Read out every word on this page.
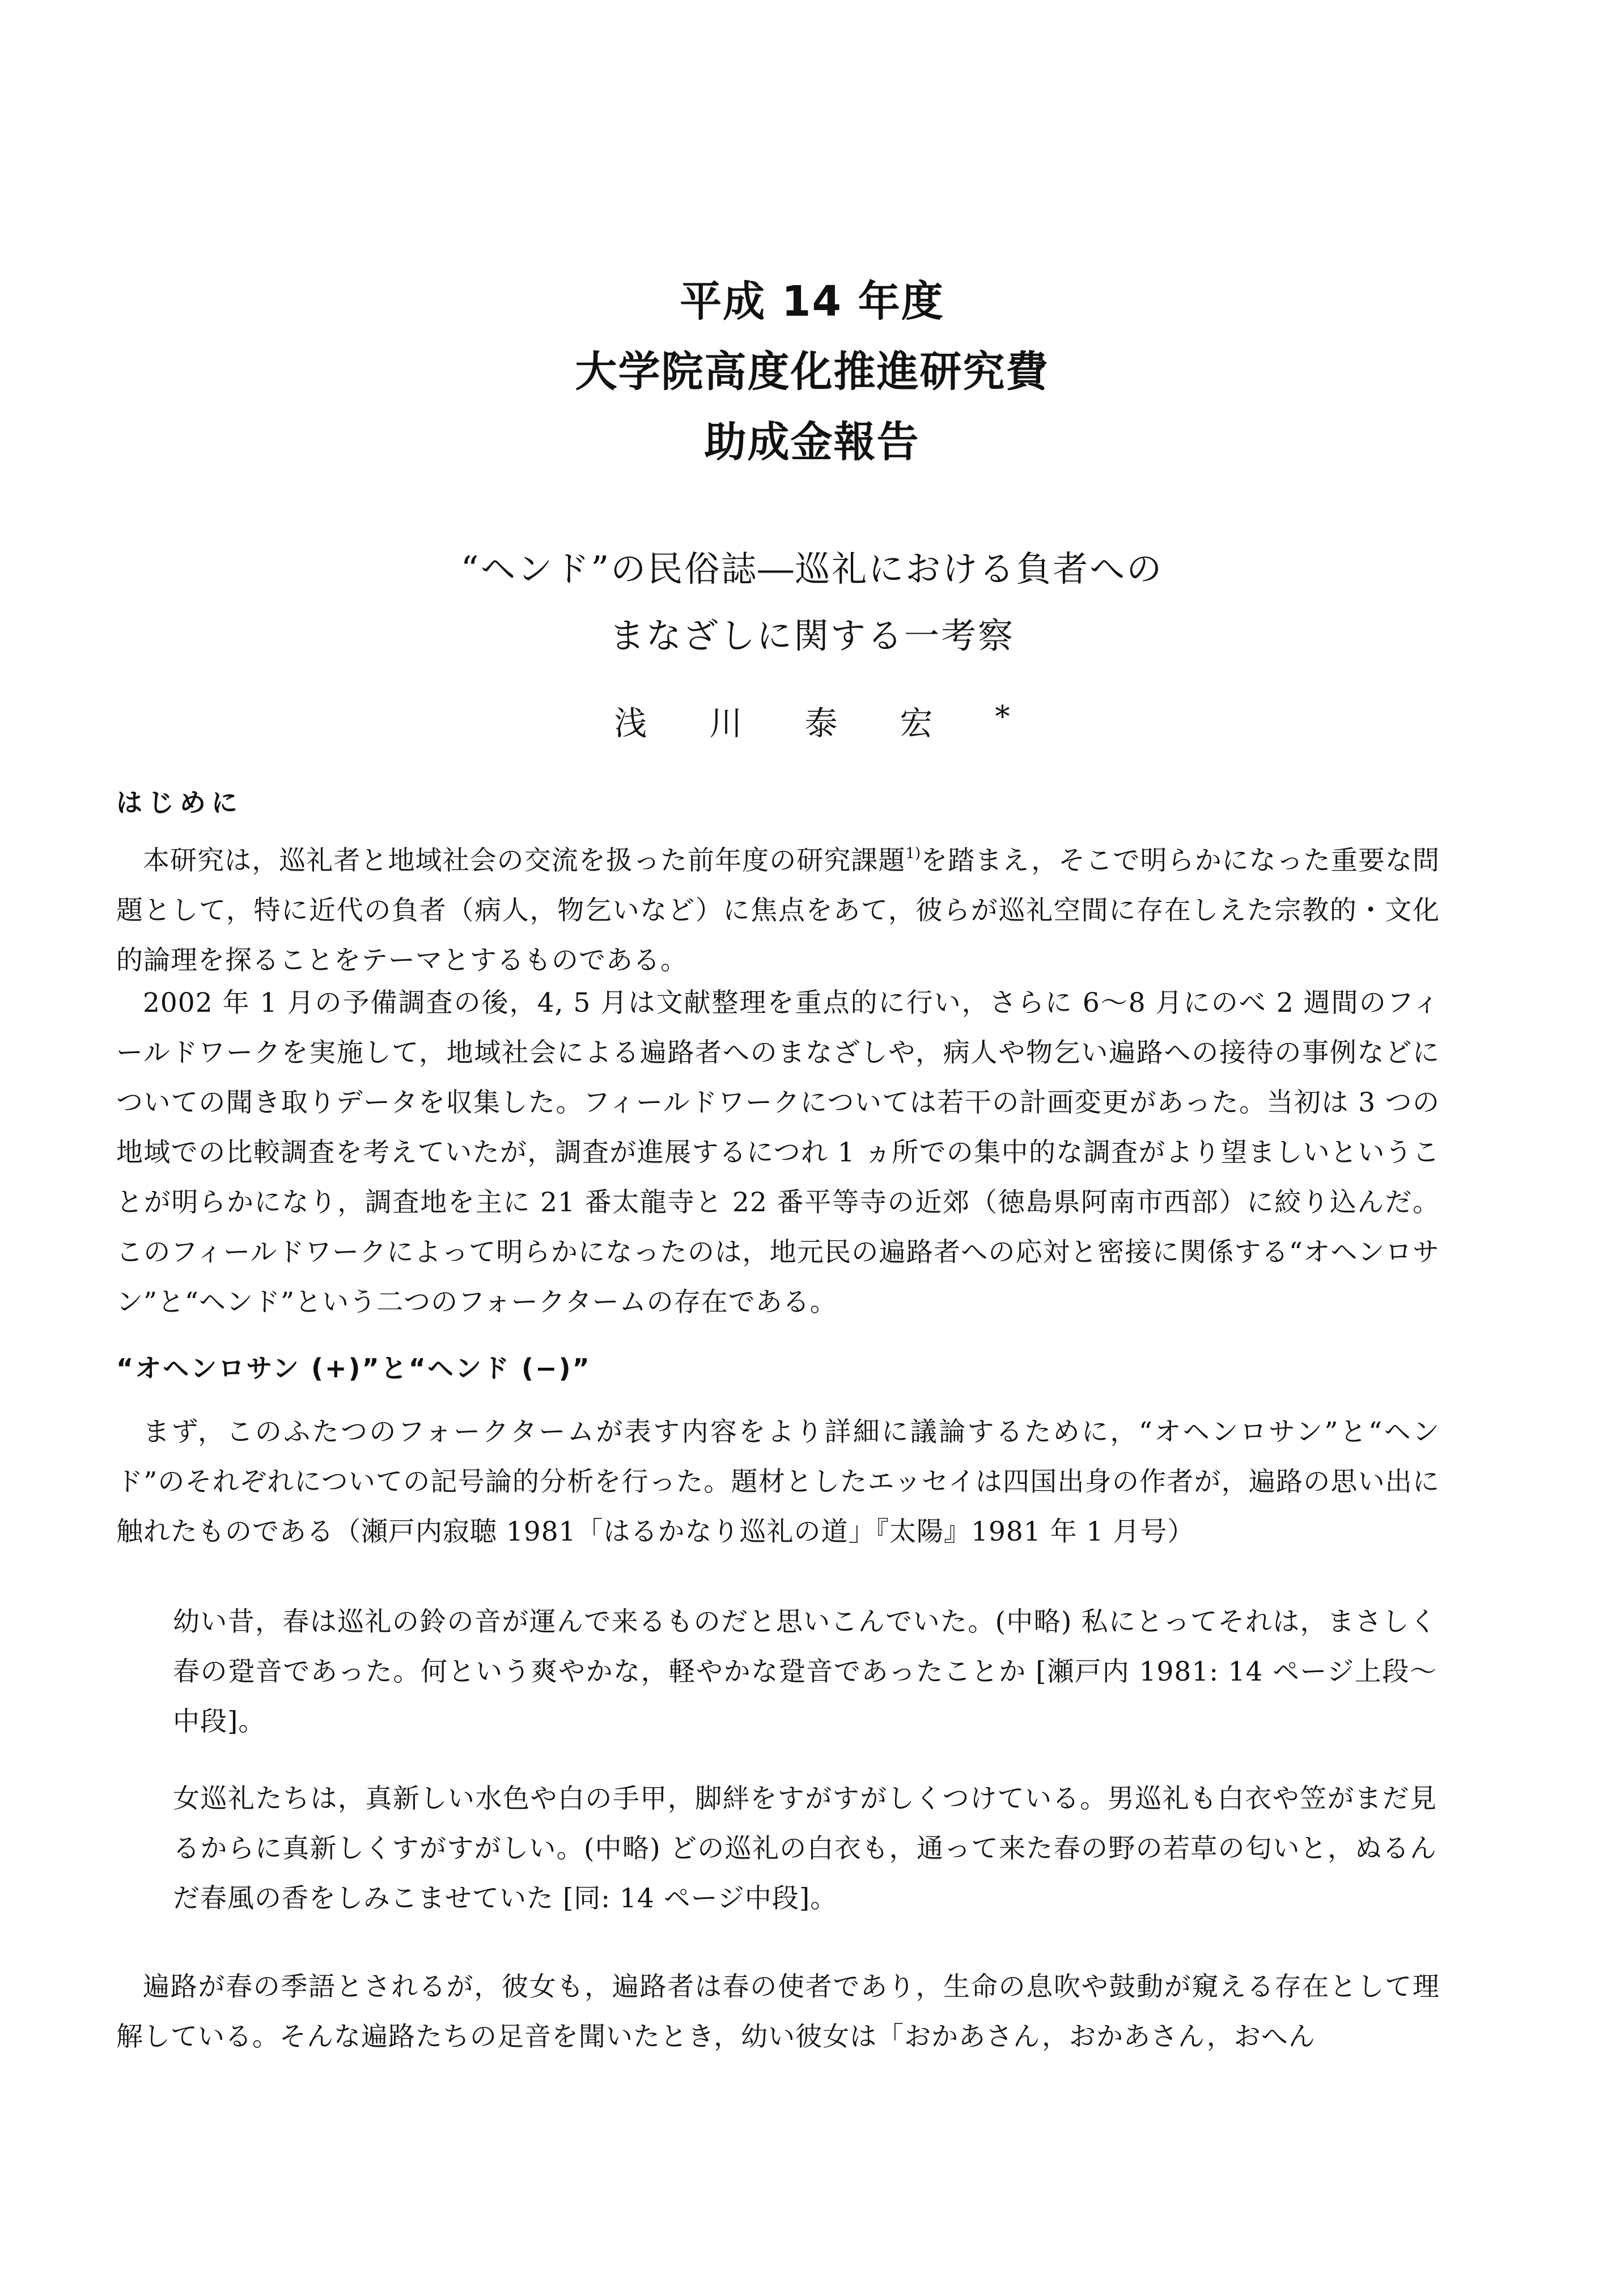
平成 14 年度
大学院高度化推進研究費
助成金報告
“ヘンド”の民俗誌―巡礼における負者への
まなざしに関する一考察
浅川泰宏*
はじめに
本研究は，巡礼者と地域社会の交流を扱った前年度の研究課題$^{1)}$を踏まえ，そこで明らかになった重要な問題として，特に近代の負者（病人，物乞いなど）に焦点をあて，彼らが巡礼空間に存在しえた宗教的・文化的論理を探ることをテーマとするものである。
2002 年 1 月の予備調査の後，4, 5 月は文献整理を重点的に行い，さらに 6～8 月にのべ 2 週間のフィールドワークを実施して，地域社会による遍路者へのまなざしや，病人や物乞い遍路への接待の事例などについての聞き取りデータを収集した。フィールドワークについては若干の計画変更があった。当初は 3 つの地域での比較調査を考えていたが，調査が進展するにつれ 1 ヵ所での集中的な調査がより望ましいということが明らかになり，調査地を主に 21 番太龍寺と 22 番平等寺の近郊（徳島県阿南市西部）に絞り込んだ。このフィールドワークによって明らかになったのは，地元民の遍路者への応対と密接に関係する“オヘンロサン”と“ヘンド”という二つのフォークタームの存在である。
“オヘンロサン (+)”と“ヘンド (−)”
まず，このふたつのフォークタームが表す内容をより詳細に議論するために，“オヘンロサン”と“ヘンド”のそれぞれについての記号論的分析を行った。題材としたエッセイは四国出身の作者が，遍路の思い出に触れたものである（瀬戸内寂聴 1981「はるかなり巡礼の道」『太陽』1981 年 1 月号）
幼い昔，春は巡礼の鈴の音が運んで来るものだと思いこんでいた。(中略) 私にとってそれは，まさしく春の跫音であった。何という爽やかな，軽やかな跫音であったことか [瀬戸内 1981: 14 ページ上段～中段]。
女巡礼たちは，真新しい水色や白の手甲，脚絆をすがすがしくつけている。男巡礼も白衣や笠がまだ見るからに真新しくすがすがしい。(中略) どの巡礼の白衣も，通って来た春の野の若草の匂いと，ぬるんだ春風の香をしみこませていた [同: 14 ページ中段]。
遍路が春の季語とされるが，彼女も，遍路者は春の使者であり，生命の息吹や鼓動が窺える存在として理解している。そんな遍路たちの足音を聞いたとき，幼い彼女は「おかあさん，おかあさん，おへん
